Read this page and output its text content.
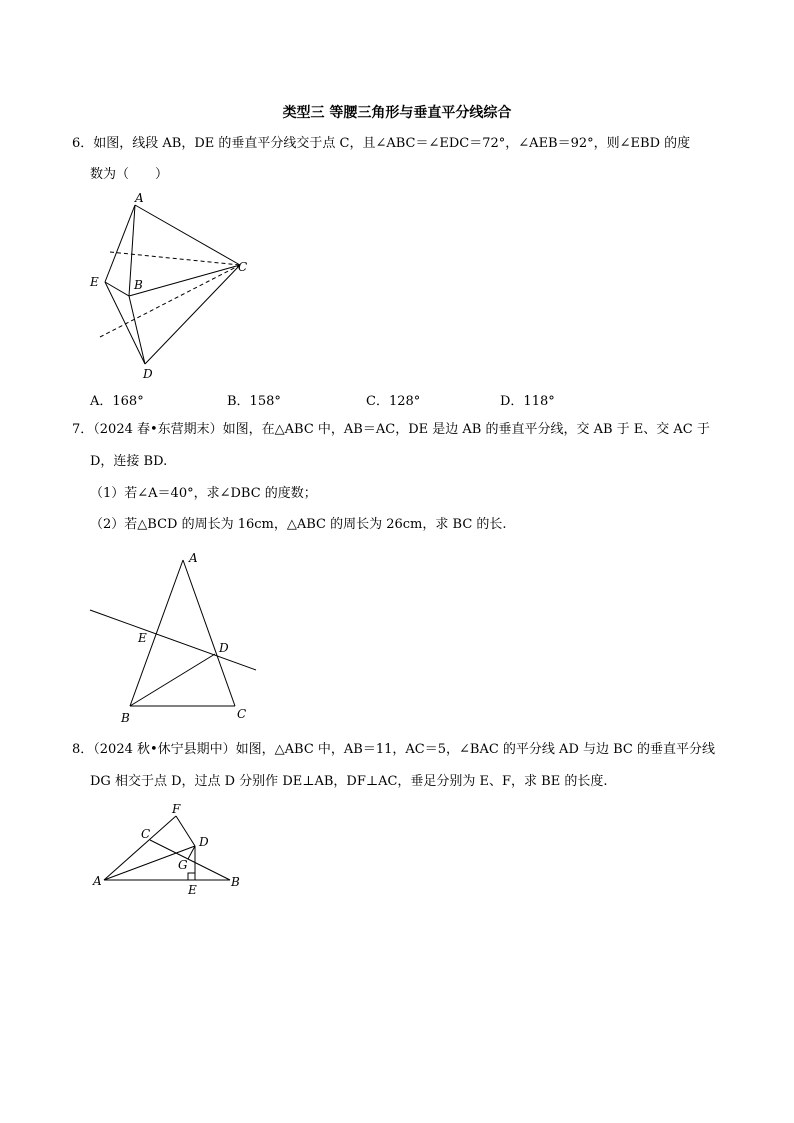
类型三 等腰三角形与垂直平分线综合
6．如图，线段 AB，DE 的垂直平分线交于点 C，且∠ABC＝∠EDC＝72°，∠AEB＝92°，则∠EBD 的度
数为（　　）
A
B
C
D
E
A．168°	B．158°	C．128°	D．118°
7．（2024 春•东营期末）如图，在△ABC 中，AB＝AC，DE 是边 AB 的垂直平分线，交 AB 于 E、交 AC 于
D，连接 BD.
（1）若∠A＝40°，求∠DBC 的度数；
（2）若△BCD 的周长为 16cm，△ABC 的周长为 26cm，求 BC 的长.
A
B	C
D
E
8．（2024 秋•休宁县期中）如图，△ABC 中，AB＝11，AC＝5，∠BAC 的平分线 AD 与边 BC 的垂直平分线
DG 相交于点 D，过点 D 分别作 DE⊥AB，DF⊥AC，垂足分别为 E、F，求 BE 的长度.
A	B
C
D
E
F
G
